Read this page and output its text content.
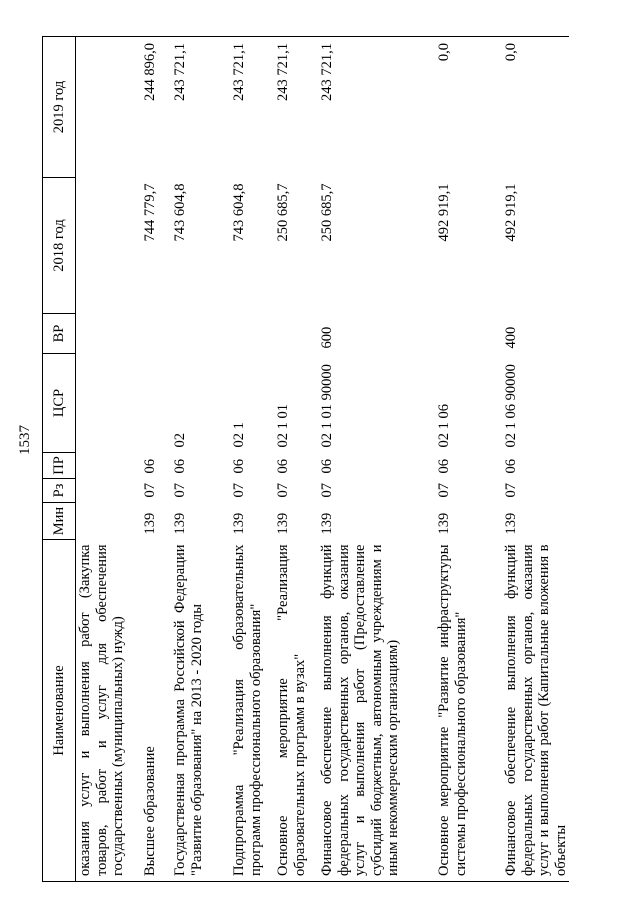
1537
Наименование	Мин	Рз	ПР	ЦСР	ВР	2018 год	2019 год
оказания услуг и выполнения работ (Закупка товаров, работ и услуг для обеспечения государственных (муниципальных) нужд)							
Высшее образование	139	07	06			744 779,7	244 896,0
Государственная программа Российской Федерации "Развитие образования" на 2013 - 2020 годы	139	07	06	02		743 604,8	243 721,1
Подпрограмма "Реализация образовательных программ профессионального образования"	139	07	06	02 1		743 604,8	243 721,1
Основное мероприятие "Реализация образовательных программ в вузах"	139	07	06	02 1 01		250 685,7	243 721,1
Финансовое обеспечение выполнения функций федеральных государственных органов, оказания услуг и выполнения работ (Предоставление субсидий бюджетным, автономным учреждениям и иным некоммерческим организациям)	139	07	06	02 1 01 90000	600	250 685,7	243 721,1
Основное мероприятие "Развитие инфраструктуры системы профессионального образования"	139	07	06	02 1 06		492 919,1	0,0
Финансовое обеспечение выполнения функций федеральных государственных органов, оказания услуг и выполнения работ (Капитальные вложения в объекты	139	07	06	02 1 06 90000	400	492 919,1	0,0
